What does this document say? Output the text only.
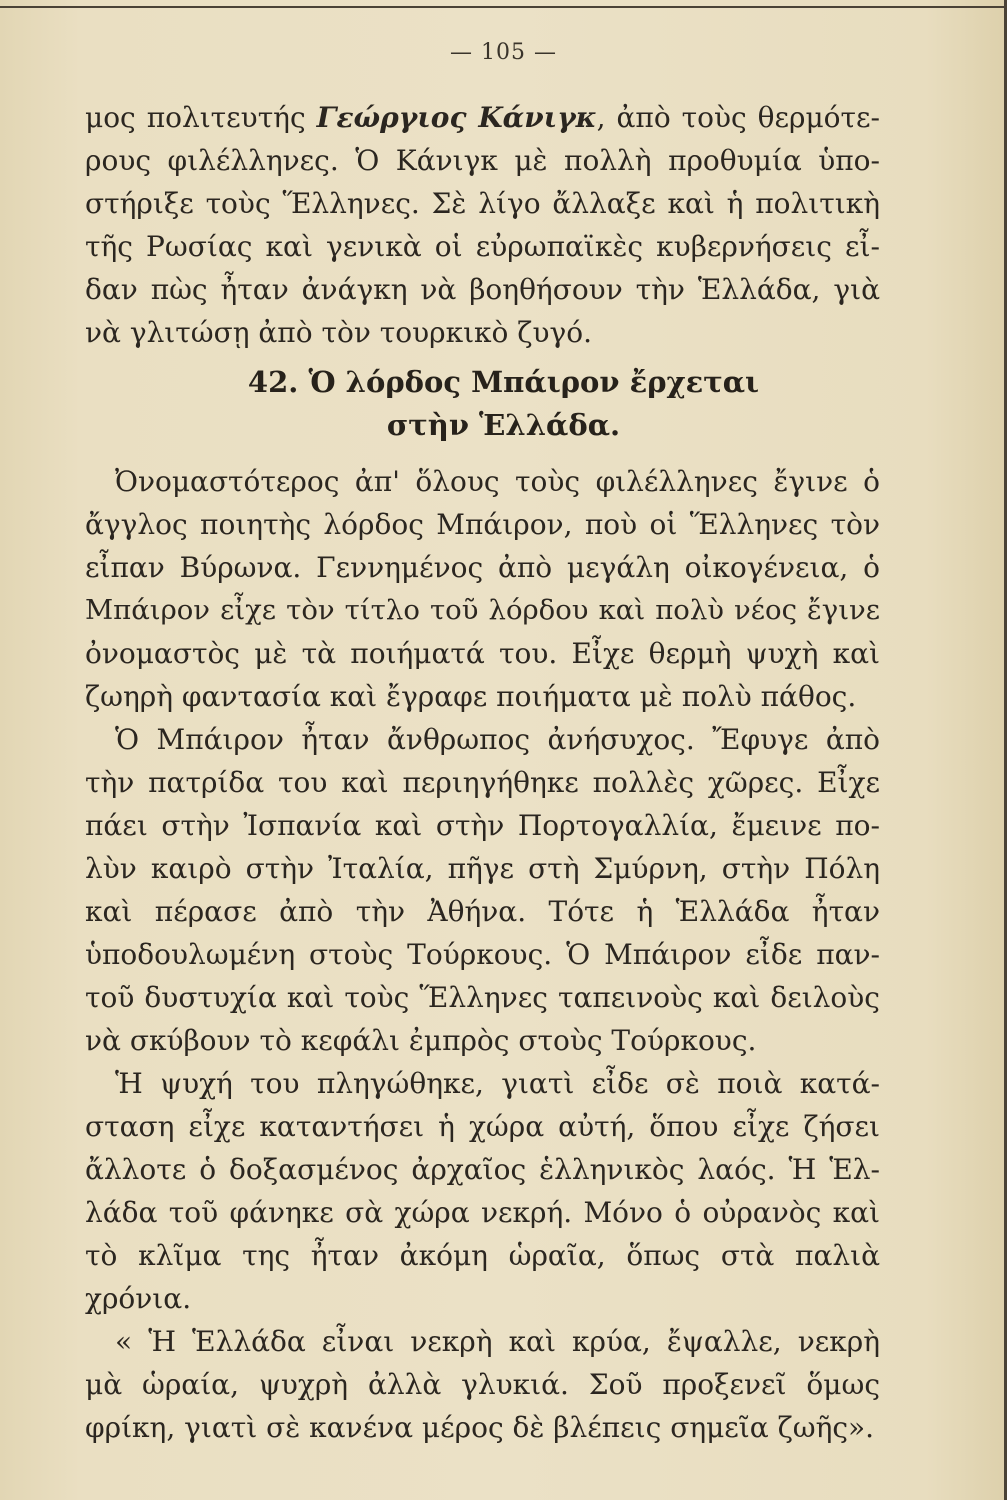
— 105 —
μος πολιτευτής Γεώργιος Κάνιγκ, ἀπὸ τοὺς θερμότε-
ρους φιλέλληνες. Ὁ Κάνιγκ μὲ πολλὴ προθυμία ὑπο-
στήριξε τοὺς Ἕλληνες. Σὲ λίγο ἄλλαξε καὶ ἡ πολιτικὴ
τῆς Ρωσίας καὶ γενικὰ οἱ εὐρωπαϊκὲς κυβερνήσεις εἶ-
δαν πὼς ἦταν ἀνάγκη νὰ βοηθήσουν τὴν Ἑλλάδα, γιὰ
νὰ γλιτώσῃ ἀπὸ τὸν τουρκικὸ ζυγό.
42. Ὁ λόρδος Μπάιρον ἔρχεται
στὴν Ἑλλάδα.
Ὀνομαστότερος ἀπ' ὅλους τοὺς φιλέλληνες ἔγινε ὁ
ἄγγλος ποιητὴς λόρδος Μπάιρον, ποὺ οἱ Ἕλληνες τὸν
εἶπαν Βύρωνα. Γεννημένος ἀπὸ μεγάλη οἰκογένεια, ὁ
Μπάιρον εἶχε τὸν τίτλο τοῦ λόρδου καὶ πολὺ νέος ἔγινε
ὀνομαστὸς μὲ τὰ ποιήματά του. Εἶχε θερμὴ ψυχὴ καὶ
ζωηρὴ φαντασία καὶ ἔγραφε ποιήματα μὲ πολὺ πάθος.
Ὁ Μπάιρον ἦταν ἄνθρωπος ἀνήσυχος. Ἔφυγε ἀπὸ
τὴν πατρίδα του καὶ περιηγήθηκε πολλὲς χῶρες. Εἶχε
πάει στὴν Ἰσπανία καὶ στὴν Πορτογαλλία, ἔμεινε πο-
λὺν καιρὸ στὴν Ἰταλία, πῆγε στὴ Σμύρνη, στὴν Πόλη
καὶ πέρασε ἀπὸ τὴν Ἀθήνα. Τότε ἡ Ἑλλάδα ἦταν
ὑποδουλωμένη στοὺς Τούρκους. Ὁ Μπάιρον εἶδε παν-
τοῦ δυστυχία καὶ τοὺς Ἕλληνες ταπεινοὺς καὶ δειλοὺς
νὰ σκύβουν τὸ κεφάλι ἐμπρὸς στοὺς Τούρκους.
Ἡ ψυχή του πληγώθηκε, γιατὶ εἶδε σὲ ποιὰ κατά-
σταση εἶχε καταντήσει ἡ χώρα αὐτή, ὅπου εἶχε ζήσει
ἄλλοτε ὁ δοξασμένος ἀρχαῖος ἑλληνικὸς λαός. Ἡ Ἑλ-
λάδα τοῦ φάνηκε σὰ χώρα νεκρή. Μόνο ὁ οὐρανὸς καὶ
τὸ κλῖμα της ἦταν ἀκόμη ὡραῖα, ὅπως στὰ παλιὰ
χρόνια.
« Ἡ Ἑλλάδα εἶναι νεκρὴ καὶ κρύα, ἔψαλλε, νεκρὴ
μὰ ὡραία, ψυχρὴ ἀλλὰ γλυκιά. Σοῦ προξενεῖ ὅμως
φρίκη, γιατὶ σὲ κανένα μέρος δὲ βλέπεις σημεῖα ζωῆς».
